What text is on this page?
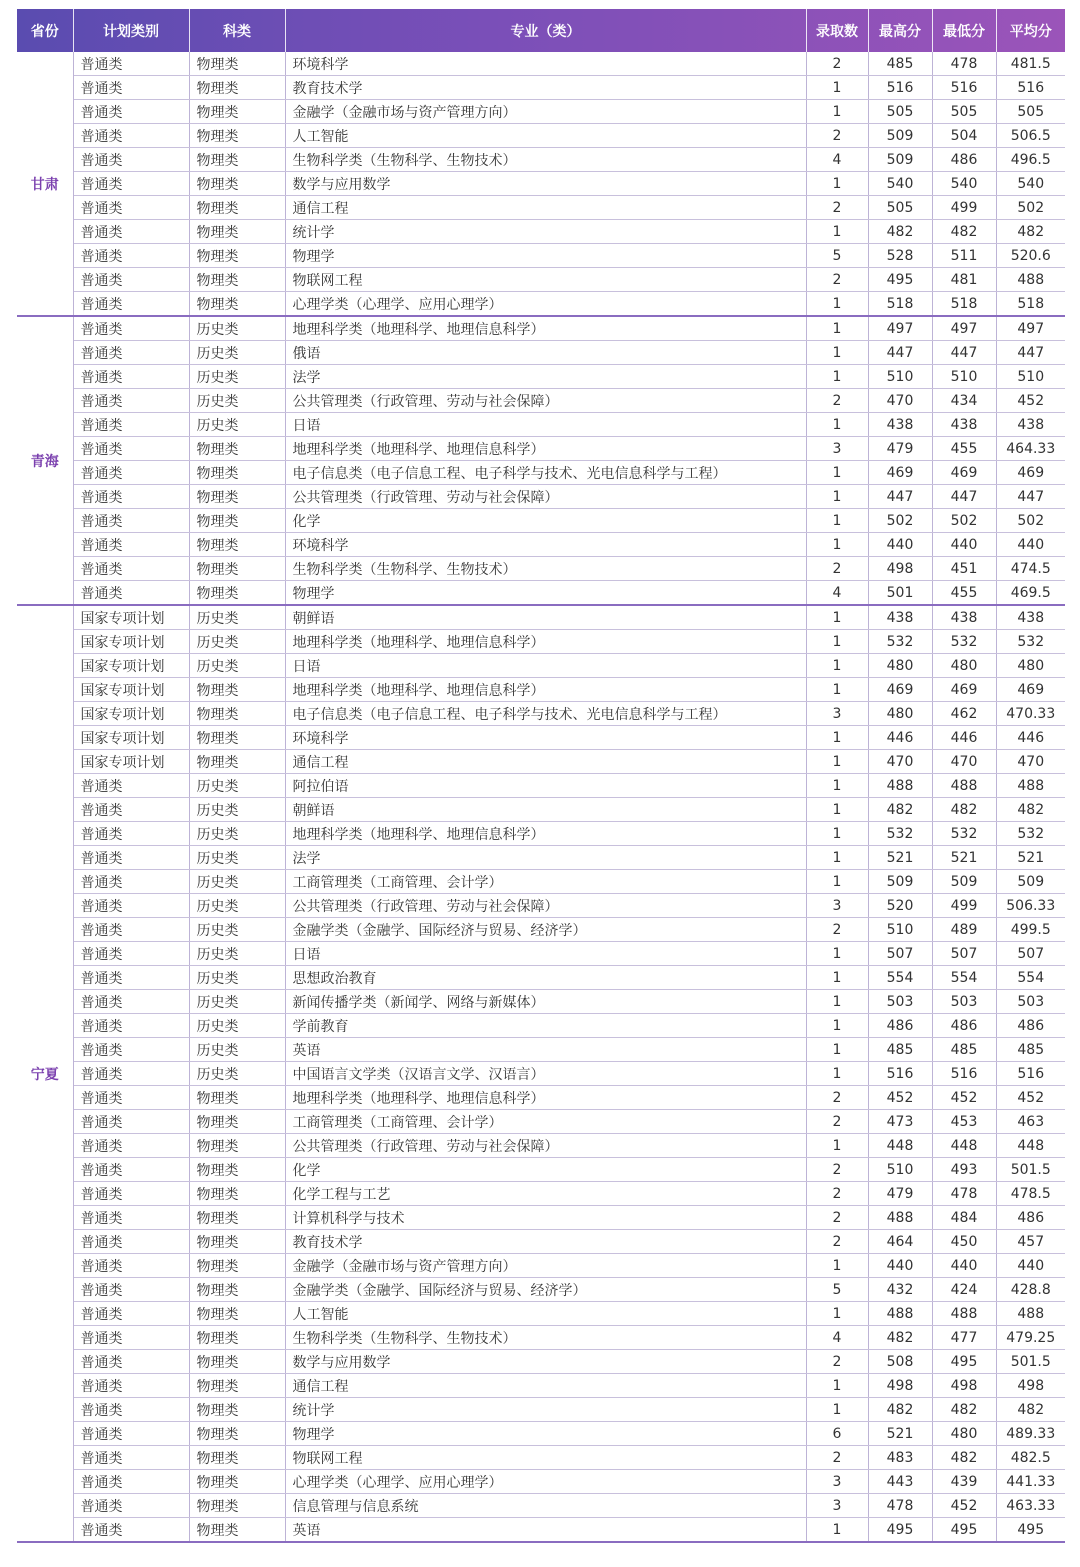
省份	计划类别	科类	专业（类）	录取数	最高分	最低分	平均分
甘肃	普通类	物理类	环境科学	2	485	478	481.5
	普通类	物理类	教育技术学	1	516	516	516
	普通类	物理类	金融学（金融市场与资产管理方向）	1	505	505	505
	普通类	物理类	人工智能	2	509	504	506.5
	普通类	物理类	生物科学类（生物科学、生物技术）	4	509	486	496.5
	普通类	物理类	数学与应用数学	1	540	540	540
	普通类	物理类	通信工程	2	505	499	502
	普通类	物理类	统计学	1	482	482	482
	普通类	物理类	物理学	5	528	511	520.6
	普通类	物理类	物联网工程	2	495	481	488
	普通类	物理类	心理学类（心理学、应用心理学）	1	518	518	518
青海	普通类	历史类	地理科学类（地理科学、地理信息科学）	1	497	497	497
	普通类	历史类	俄语	1	447	447	447
	普通类	历史类	法学	1	510	510	510
	普通类	历史类	公共管理类（行政管理、劳动与社会保障）	2	470	434	452
	普通类	历史类	日语	1	438	438	438
	普通类	物理类	地理科学类（地理科学、地理信息科学）	3	479	455	464.33
	普通类	物理类	电子信息类（电子信息工程、电子科学与技术、光电信息科学与工程）	1	469	469	469
	普通类	物理类	公共管理类（行政管理、劳动与社会保障）	1	447	447	447
	普通类	物理类	化学	1	502	502	502
	普通类	物理类	环境科学	1	440	440	440
	普通类	物理类	生物科学类（生物科学、生物技术）	2	498	451	474.5
	普通类	物理类	物理学	4	501	455	469.5
宁夏	国家专项计划	历史类	朝鲜语	1	438	438	438
	国家专项计划	历史类	地理科学类（地理科学、地理信息科学）	1	532	532	532
	国家专项计划	历史类	日语	1	480	480	480
	国家专项计划	物理类	地理科学类（地理科学、地理信息科学）	1	469	469	469
	国家专项计划	物理类	电子信息类（电子信息工程、电子科学与技术、光电信息科学与工程）	3	480	462	470.33
	国家专项计划	物理类	环境科学	1	446	446	446
	国家专项计划	物理类	通信工程	1	470	470	470
	普通类	历史类	阿拉伯语	1	488	488	488
	普通类	历史类	朝鲜语	1	482	482	482
	普通类	历史类	地理科学类（地理科学、地理信息科学）	1	532	532	532
	普通类	历史类	法学	1	521	521	521
	普通类	历史类	工商管理类（工商管理、会计学）	1	509	509	509
	普通类	历史类	公共管理类（行政管理、劳动与社会保障）	3	520	499	506.33
	普通类	历史类	金融学类（金融学、国际经济与贸易、经济学）	2	510	489	499.5
	普通类	历史类	日语	1	507	507	507
	普通类	历史类	思想政治教育	1	554	554	554
	普通类	历史类	新闻传播学类（新闻学、网络与新媒体）	1	503	503	503
	普通类	历史类	学前教育	1	486	486	486
	普通类	历史类	英语	1	485	485	485
	普通类	历史类	中国语言文学类（汉语言文学、汉语言）	1	516	516	516
	普通类	物理类	地理科学类（地理科学、地理信息科学）	2	452	452	452
	普通类	物理类	工商管理类（工商管理、会计学）	2	473	453	463
	普通类	物理类	公共管理类（行政管理、劳动与社会保障）	1	448	448	448
	普通类	物理类	化学	2	510	493	501.5
	普通类	物理类	化学工程与工艺	2	479	478	478.5
	普通类	物理类	计算机科学与技术	2	488	484	486
	普通类	物理类	教育技术学	2	464	450	457
	普通类	物理类	金融学（金融市场与资产管理方向）	1	440	440	440
	普通类	物理类	金融学类（金融学、国际经济与贸易、经济学）	5	432	424	428.8
	普通类	物理类	人工智能	1	488	488	488
	普通类	物理类	生物科学类（生物科学、生物技术）	4	482	477	479.25
	普通类	物理类	数学与应用数学	2	508	495	501.5
	普通类	物理类	通信工程	1	498	498	498
	普通类	物理类	统计学	1	482	482	482
	普通类	物理类	物理学	6	521	480	489.33
	普通类	物理类	物联网工程	2	483	482	482.5
	普通类	物理类	心理学类（心理学、应用心理学）	3	443	439	441.33
	普通类	物理类	信息管理与信息系统	3	478	452	463.33
	普通类	物理类	英语	1	495	495	495
